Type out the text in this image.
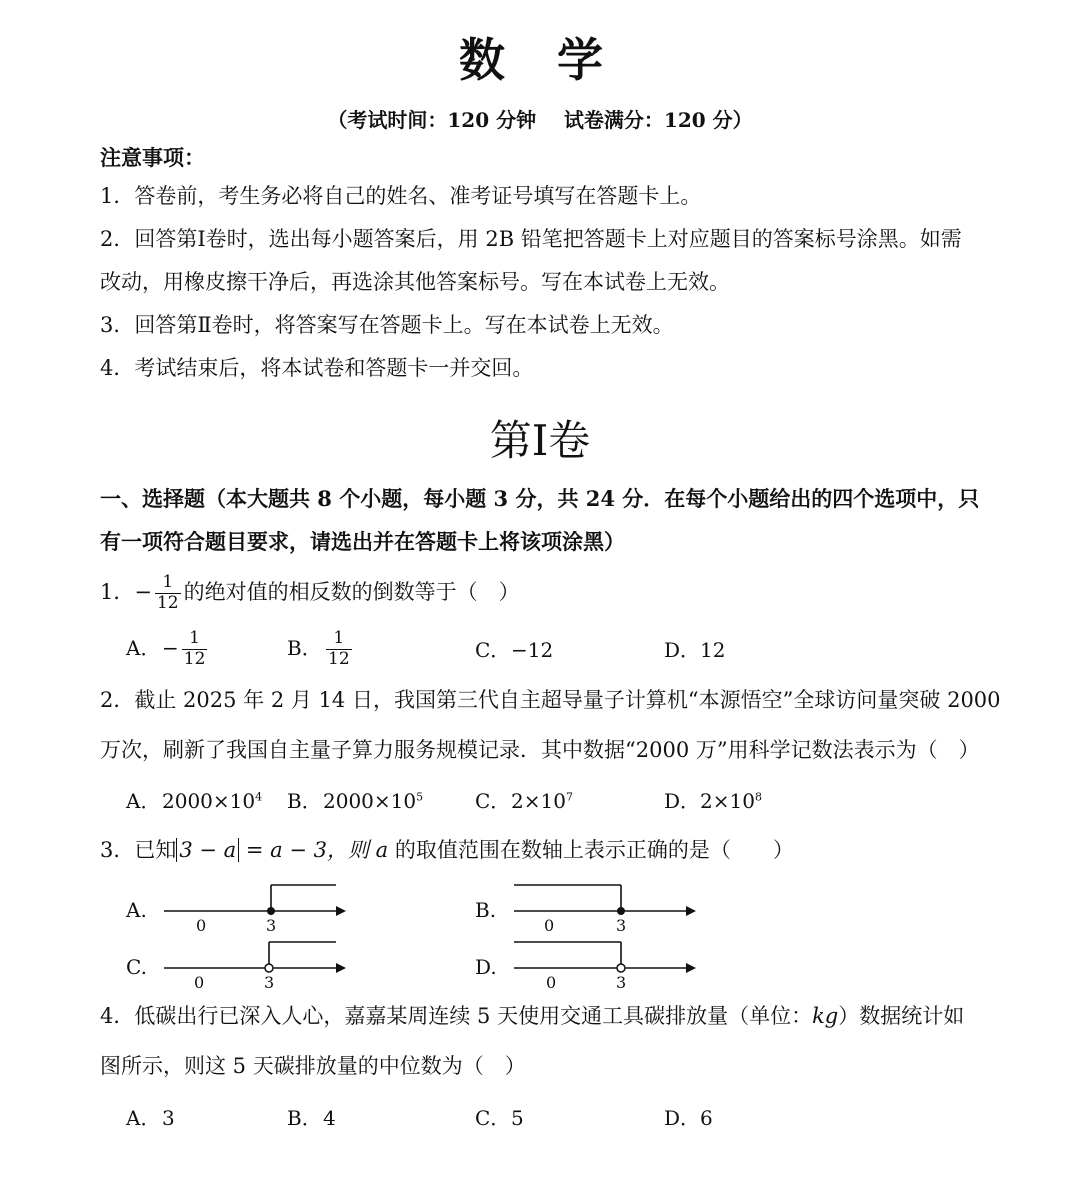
数 学
（考试时间：120 分钟    试卷满分：120 分）
注意事项：
1．答卷前，考生务必将自己的姓名、准考证号填写在答题卡上。
2．回答第Ⅰ卷时，选出每小题答案后，用 2B 铅笔把答题卡上对应题目的答案标号涂黑。如需
改动，用橡皮擦干净后，再选涂其他答案标号。写在本试卷上无效。
3．回答第Ⅱ卷时，将答案写在答题卡上。写在本试卷上无效。
4．考试结束后，将本试卷和答题卡一并交回。
第Ⅰ卷
一、选择题（本大题共 8 个小题，每小题 3 分，共 24 分．在每个小题给出的四个选项中，只
有一项符合题目要求，请选出并在答题卡上将该项涂黑）
1．− $\frac{1}{12}$ 的绝对值的相反数的倒数等于（　）
A．− $\frac{1}{12}$	B． $\frac{1}{12}$	C．−12	D．12
2．截止 2025 年 2 月 14 日，我国第三代自主超导量子计算机“本源悟空”全球访问量突破 2000
万次，刷新了我国自主量子算力服务规模记录．其中数据“2000 万”用科学记数法表示为（　）
A．$2000\times 10^4$ B．$2000\times 10^5$	C．$2\times 10^7$	D．$2\times 10^8$
3．已知 3 − a = a − 3，则 a 的取值范围在数轴上表示正确的是（　　）
A.
0	3
B.
0	3
C.
0	3
D.
0	3
4．低碳出行已深入人心，嘉嘉某周连续 5 天使用交通工具碳排放量（单位：kg）数据统计如
图所示，则这 5 天碳排放量的中位数为（　）
A．3	B．4	C．5	D．6
